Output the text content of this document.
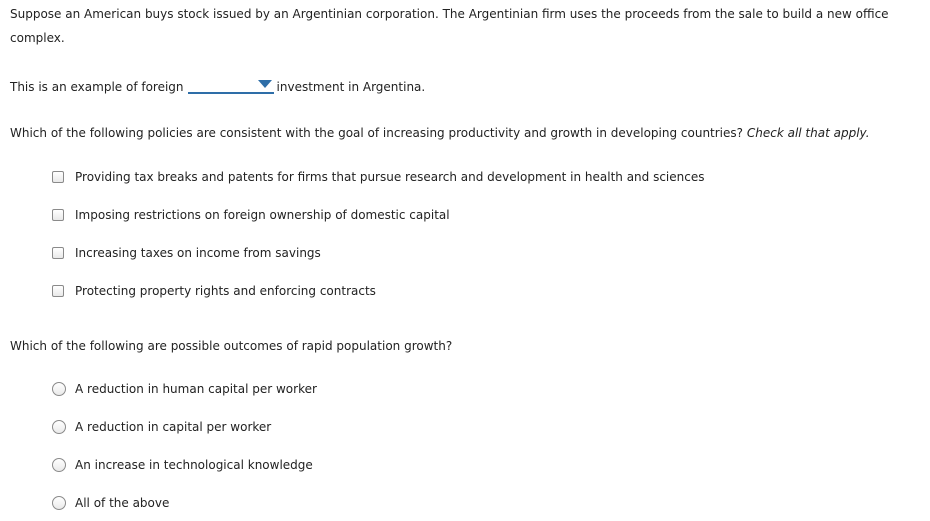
Suppose an American buys stock issued by an Argentinian corporation. The Argentinian firm uses the proceeds from the sale to build a new office
complex.
This is an example of foreign	investment in Argentina.
Which of the following policies are consistent with the goal of increasing productivity and growth in developing countries? Check all that apply.
Providing tax breaks and patents for firms that pursue research and development in health and sciences
Imposing restrictions on foreign ownership of domestic capital
Increasing taxes on income from savings
Protecting property rights and enforcing contracts
Which of the following are possible outcomes of rapid population growth?
A reduction in human capital per worker
A reduction in capital per worker
An increase in technological knowledge
All of the above
